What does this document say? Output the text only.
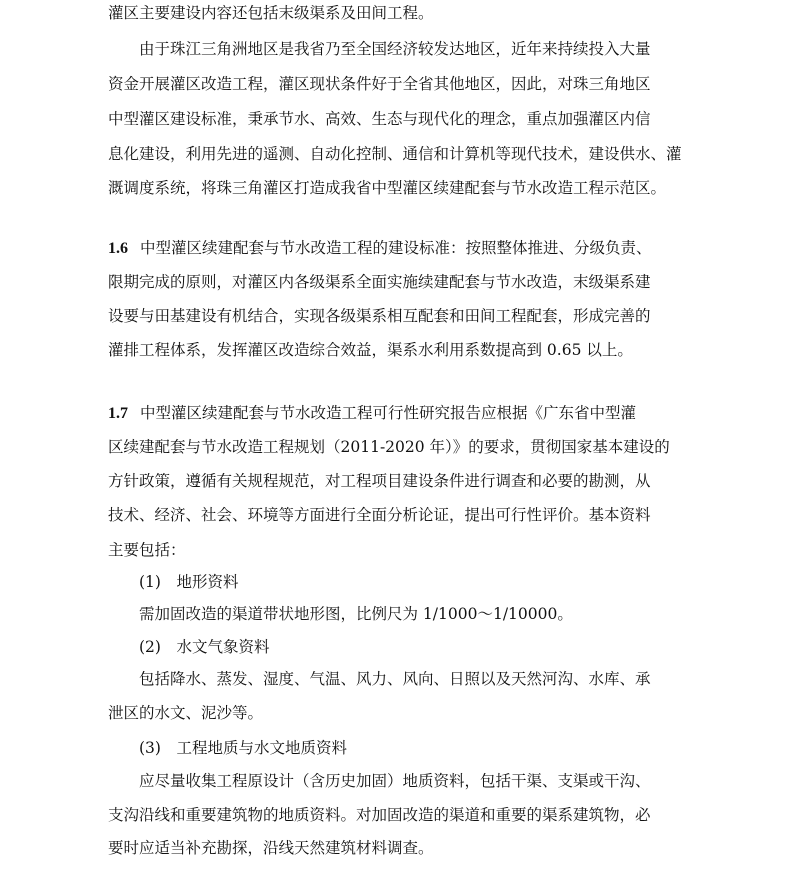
灌区主要建设内容还包括末级渠系及田间工程。
由于珠江三角洲地区是我省乃至全国经济较发达地区，近年来持续投入大量
资金开展灌区改造工程，灌区现状条件好于全省其他地区，因此，对珠三角地区
中型灌区建设标准，秉承节水、高效、生态与现代化的理念，重点加强灌区内信
息化建设，利用先进的遥测、自动化控制、通信和计算机等现代技术，建设供水、灌
溉调度系统，将珠三角灌区打造成我省中型灌区续建配套与节水改造工程示范区。
1.6 中型灌区续建配套与节水改造工程的建设标准：按照整体推进、分级负责、
限期完成的原则，对灌区内各级渠系全面实施续建配套与节水改造，末级渠系建
设要与田基建设有机结合，实现各级渠系相互配套和田间工程配套，形成完善的
灌排工程体系，发挥灌区改造综合效益，渠系水利用系数提高到 0.65 以上。
1.7 中型灌区续建配套与节水改造工程可行性研究报告应根据《广东省中型灌
区续建配套与节水改造工程规划（2011-2020 年）》的要求，贯彻国家基本建设的
方针政策，遵循有关规程规范，对工程项目建设条件进行调查和必要的勘测，从
技术、经济、社会、环境等方面进行全面分析论证，提出可行性评价。基本资料
主要包括：
(1)　地形资料
需加固改造的渠道带状地形图，比例尺为 1/1000～1/10000。
(2)　水文气象资料
包括降水、蒸发、湿度、气温、风力、风向、日照以及天然河沟、水库、承
泄区的水文、泥沙等。
(3)　工程地质与水文地质资料
应尽量收集工程原设计（含历史加固）地质资料，包括干渠、支渠或干沟、
支沟沿线和重要建筑物的地质资料。对加固改造的渠道和重要的渠系建筑物，必
要时应适当补充勘探，沿线天然建筑材料调查。
